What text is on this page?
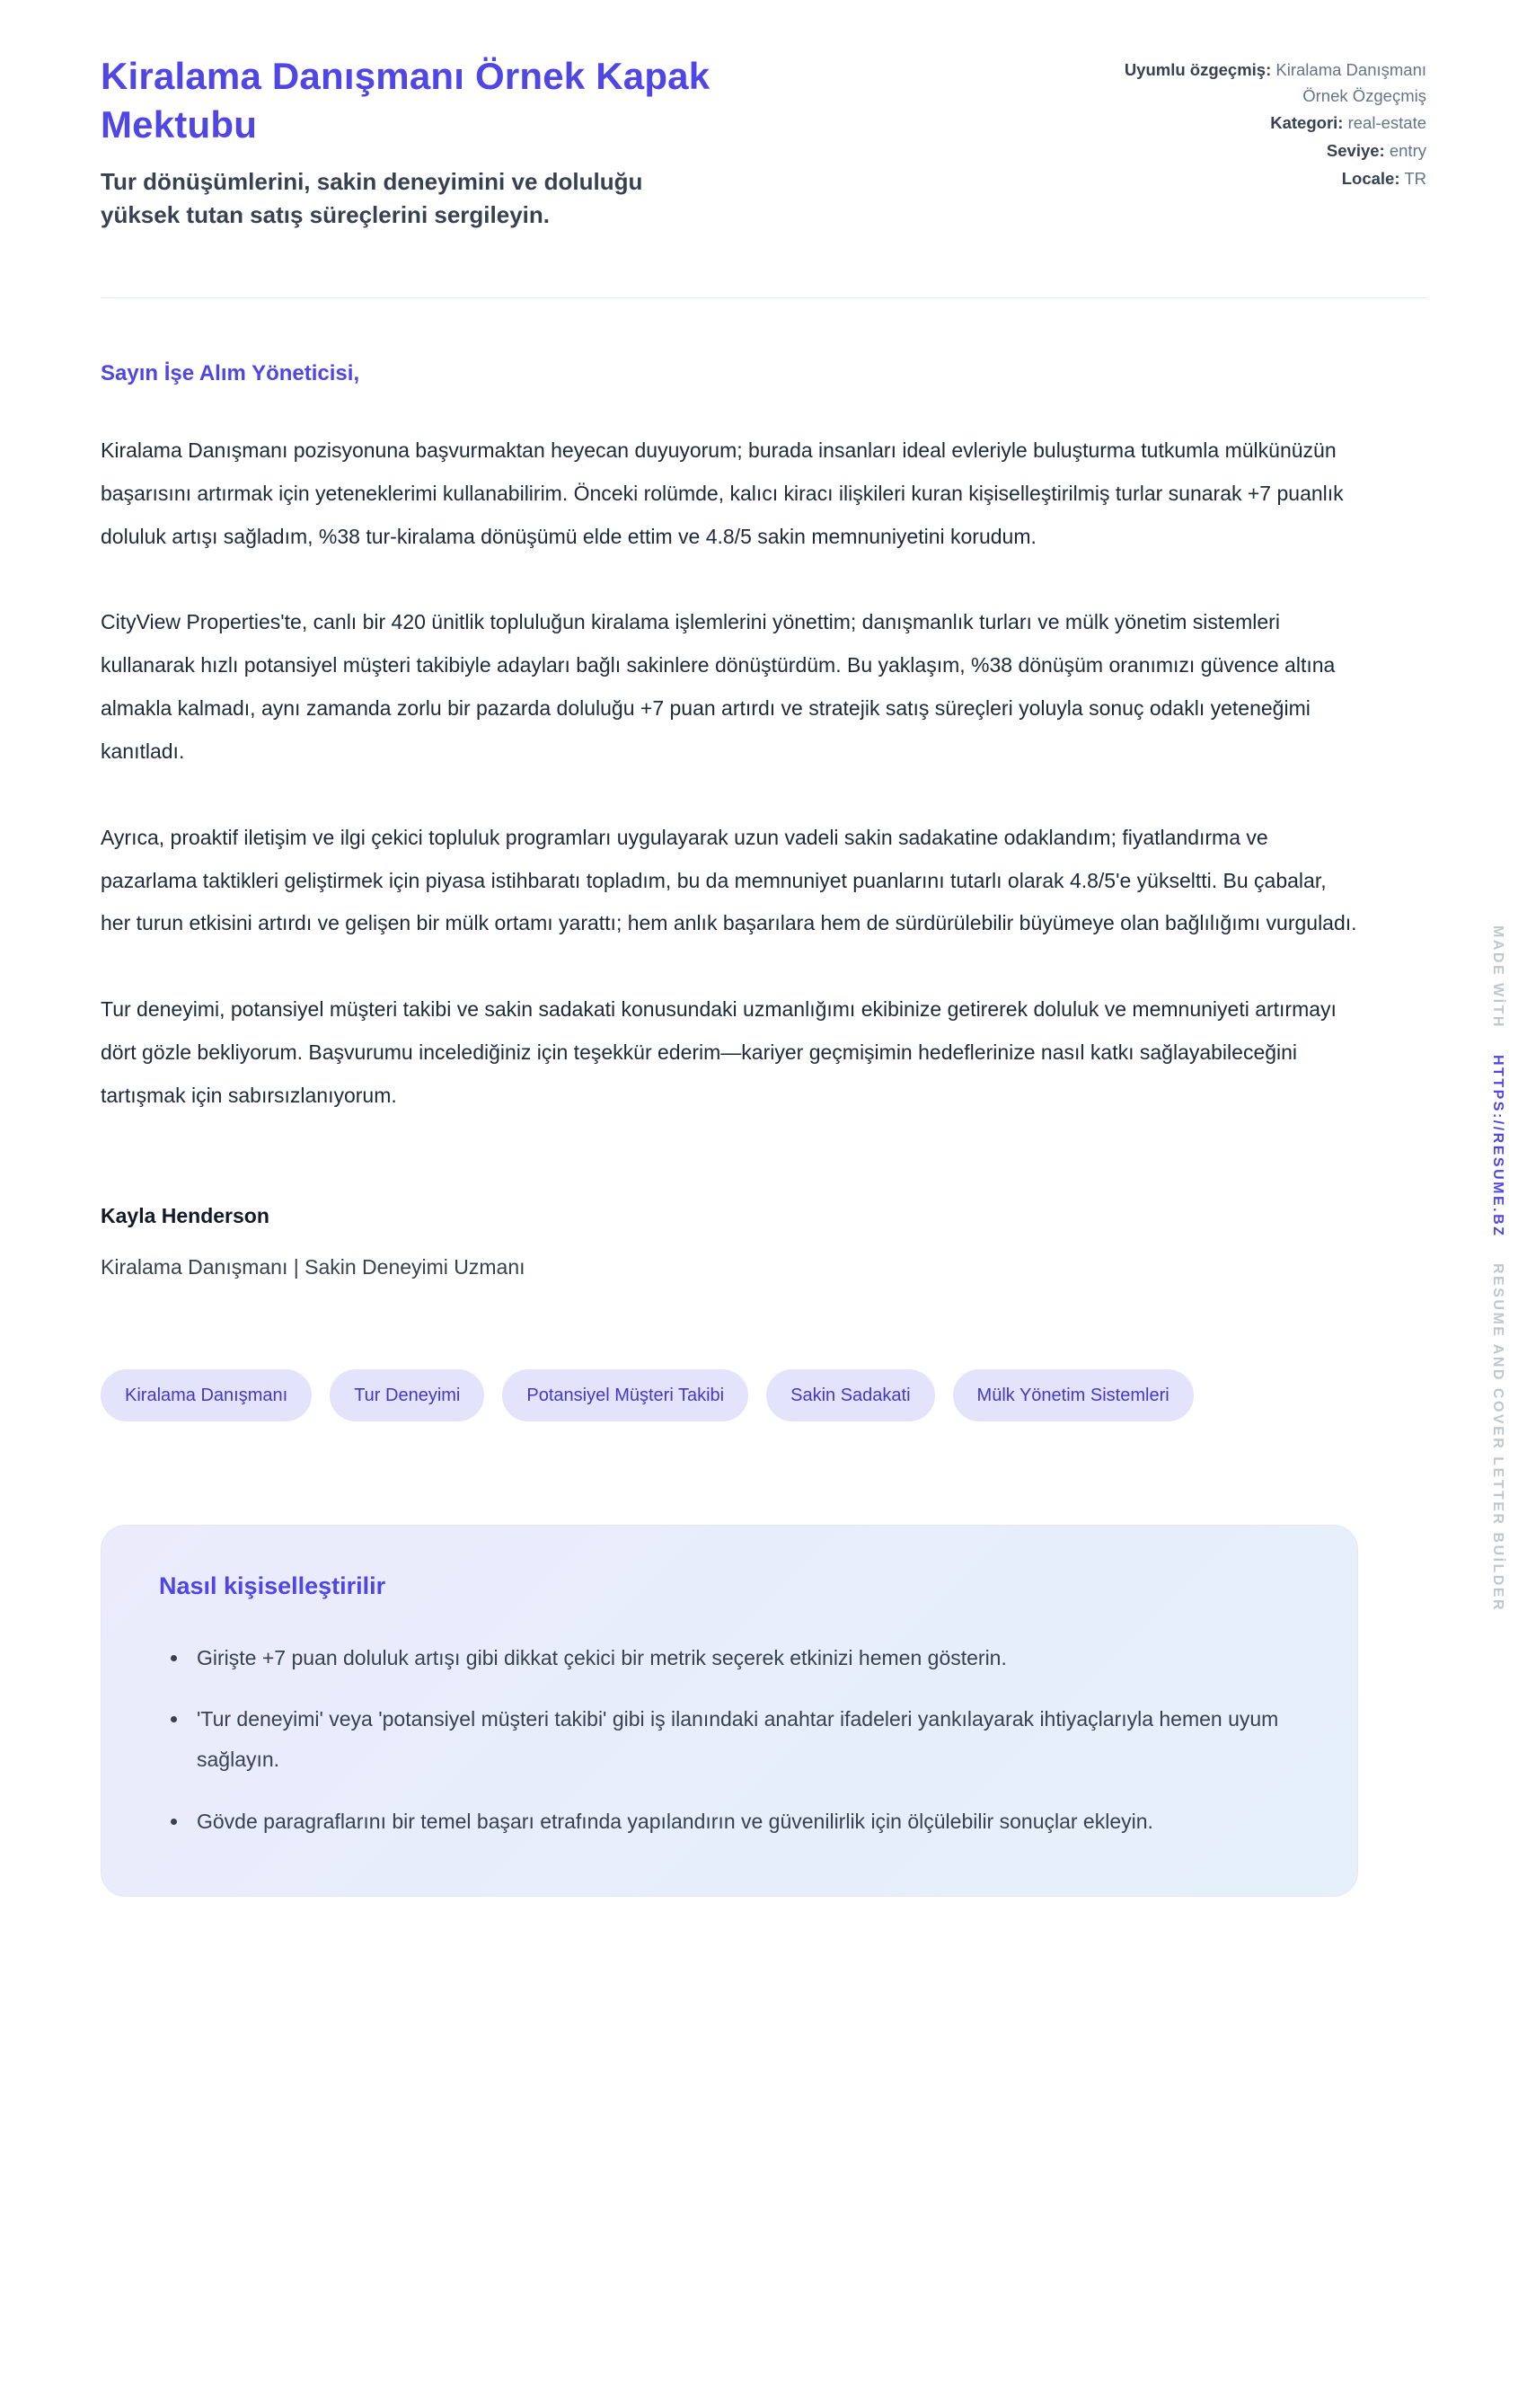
Kiralama Danışmanı Örnek Kapak Mektubu

Tur dönüşümlerini, sakin deneyimini ve doluluğu yüksek tutan satış süreçlerini sergileyin.

Uyumlu özgeçmiş: Kiralama Danışmanı Örnek Özgeçmiş
Kategori: real-estate
Seviye: entry
Locale: TR

Sayın İşe Alım Yöneticisi,

Kiralama Danışmanı pozisyonuna başvurmaktan heyecan duyuyorum; burada insanları ideal evleriyle buluşturma tutkumla mülkünüzün başarısını artırmak için yeteneklerimi kullanabilirim. Önceki rolümde, kalıcı kiracı ilişkileri kuran kişiselleştirilmiş turlar sunarak +7 puanlık doluluk artışı sağladım, %38 tur-kiralama dönüşümü elde ettim ve 4.8/5 sakin memnuniyetini korudum.

CityView Properties'te, canlı bir 420 ünitlik topluluğun kiralama işlemlerini yönettim; danışmanlık turları ve mülk yönetim sistemleri kullanarak hızlı potansiyel müşteri takibiyle adayları bağlı sakinlere dönüştürdüm. Bu yaklaşım, %38 dönüşüm oranımızı güvence altına almakla kalmadı, aynı zamanda zorlu bir pazarda doluluğu +7 puan artırdı ve stratejik satış süreçleri yoluyla sonuç odaklı yeteneğimi kanıtladı.

Ayrıca, proaktif iletişim ve ilgi çekici topluluk programları uygulayarak uzun vadeli sakin sadakatine odaklandım; fiyatlandırma ve pazarlama taktikleri geliştirmek için piyasa istihbaratı topladım, bu da memnuniyet puanlarını tutarlı olarak 4.8/5'e yükseltti. Bu çabalar, her turun etkisini artırdı ve gelişen bir mülk ortamı yarattı; hem anlık başarılara hem de sürdürülebilir büyümeye olan bağlılığımı vurguladı.

Tur deneyimi, potansiyel müşteri takibi ve sakin sadakati konusundaki uzmanlığımı ekibinize getirerek doluluk ve memnuniyeti artırmayı dört gözle bekliyorum. Başvurumu incelediğiniz için teşekkür ederim—kariyer geçmişimin hedeflerinize nasıl katkı sağlayabileceğini tartışmak için sabırsızlanıyorum.

Kayla Henderson

Kiralama Danışmanı | Sakin Deneyimi Uzmanı

Kiralama Danışmanı	Tur Deneyimi	Potansiyel Müşteri Takibi	Sakin Sadakati	Mülk Yönetim Sistemleri
Nasıl kişiselleştirilir
• Girişte +7 puan doluluk artışı gibi dikkat çekici bir metrik seçerek etkinizi hemen gösterin.
• 'Tur deneyimi' veya 'potansiyel müşteri takibi' gibi iş ilanındaki anahtar ifadeleri yankılayarak ihtiyaçlarıyla hemen uyum sağlayın.
• Gövde paragraflarını bir temel başarı etrafında yapılandırın ve güvenilirlik için ölçülebilir sonuçlar ekleyin.
MADE WİTH HTTPS://RESUME.BZ RESUME AND COVER LETTER BUİLDER
